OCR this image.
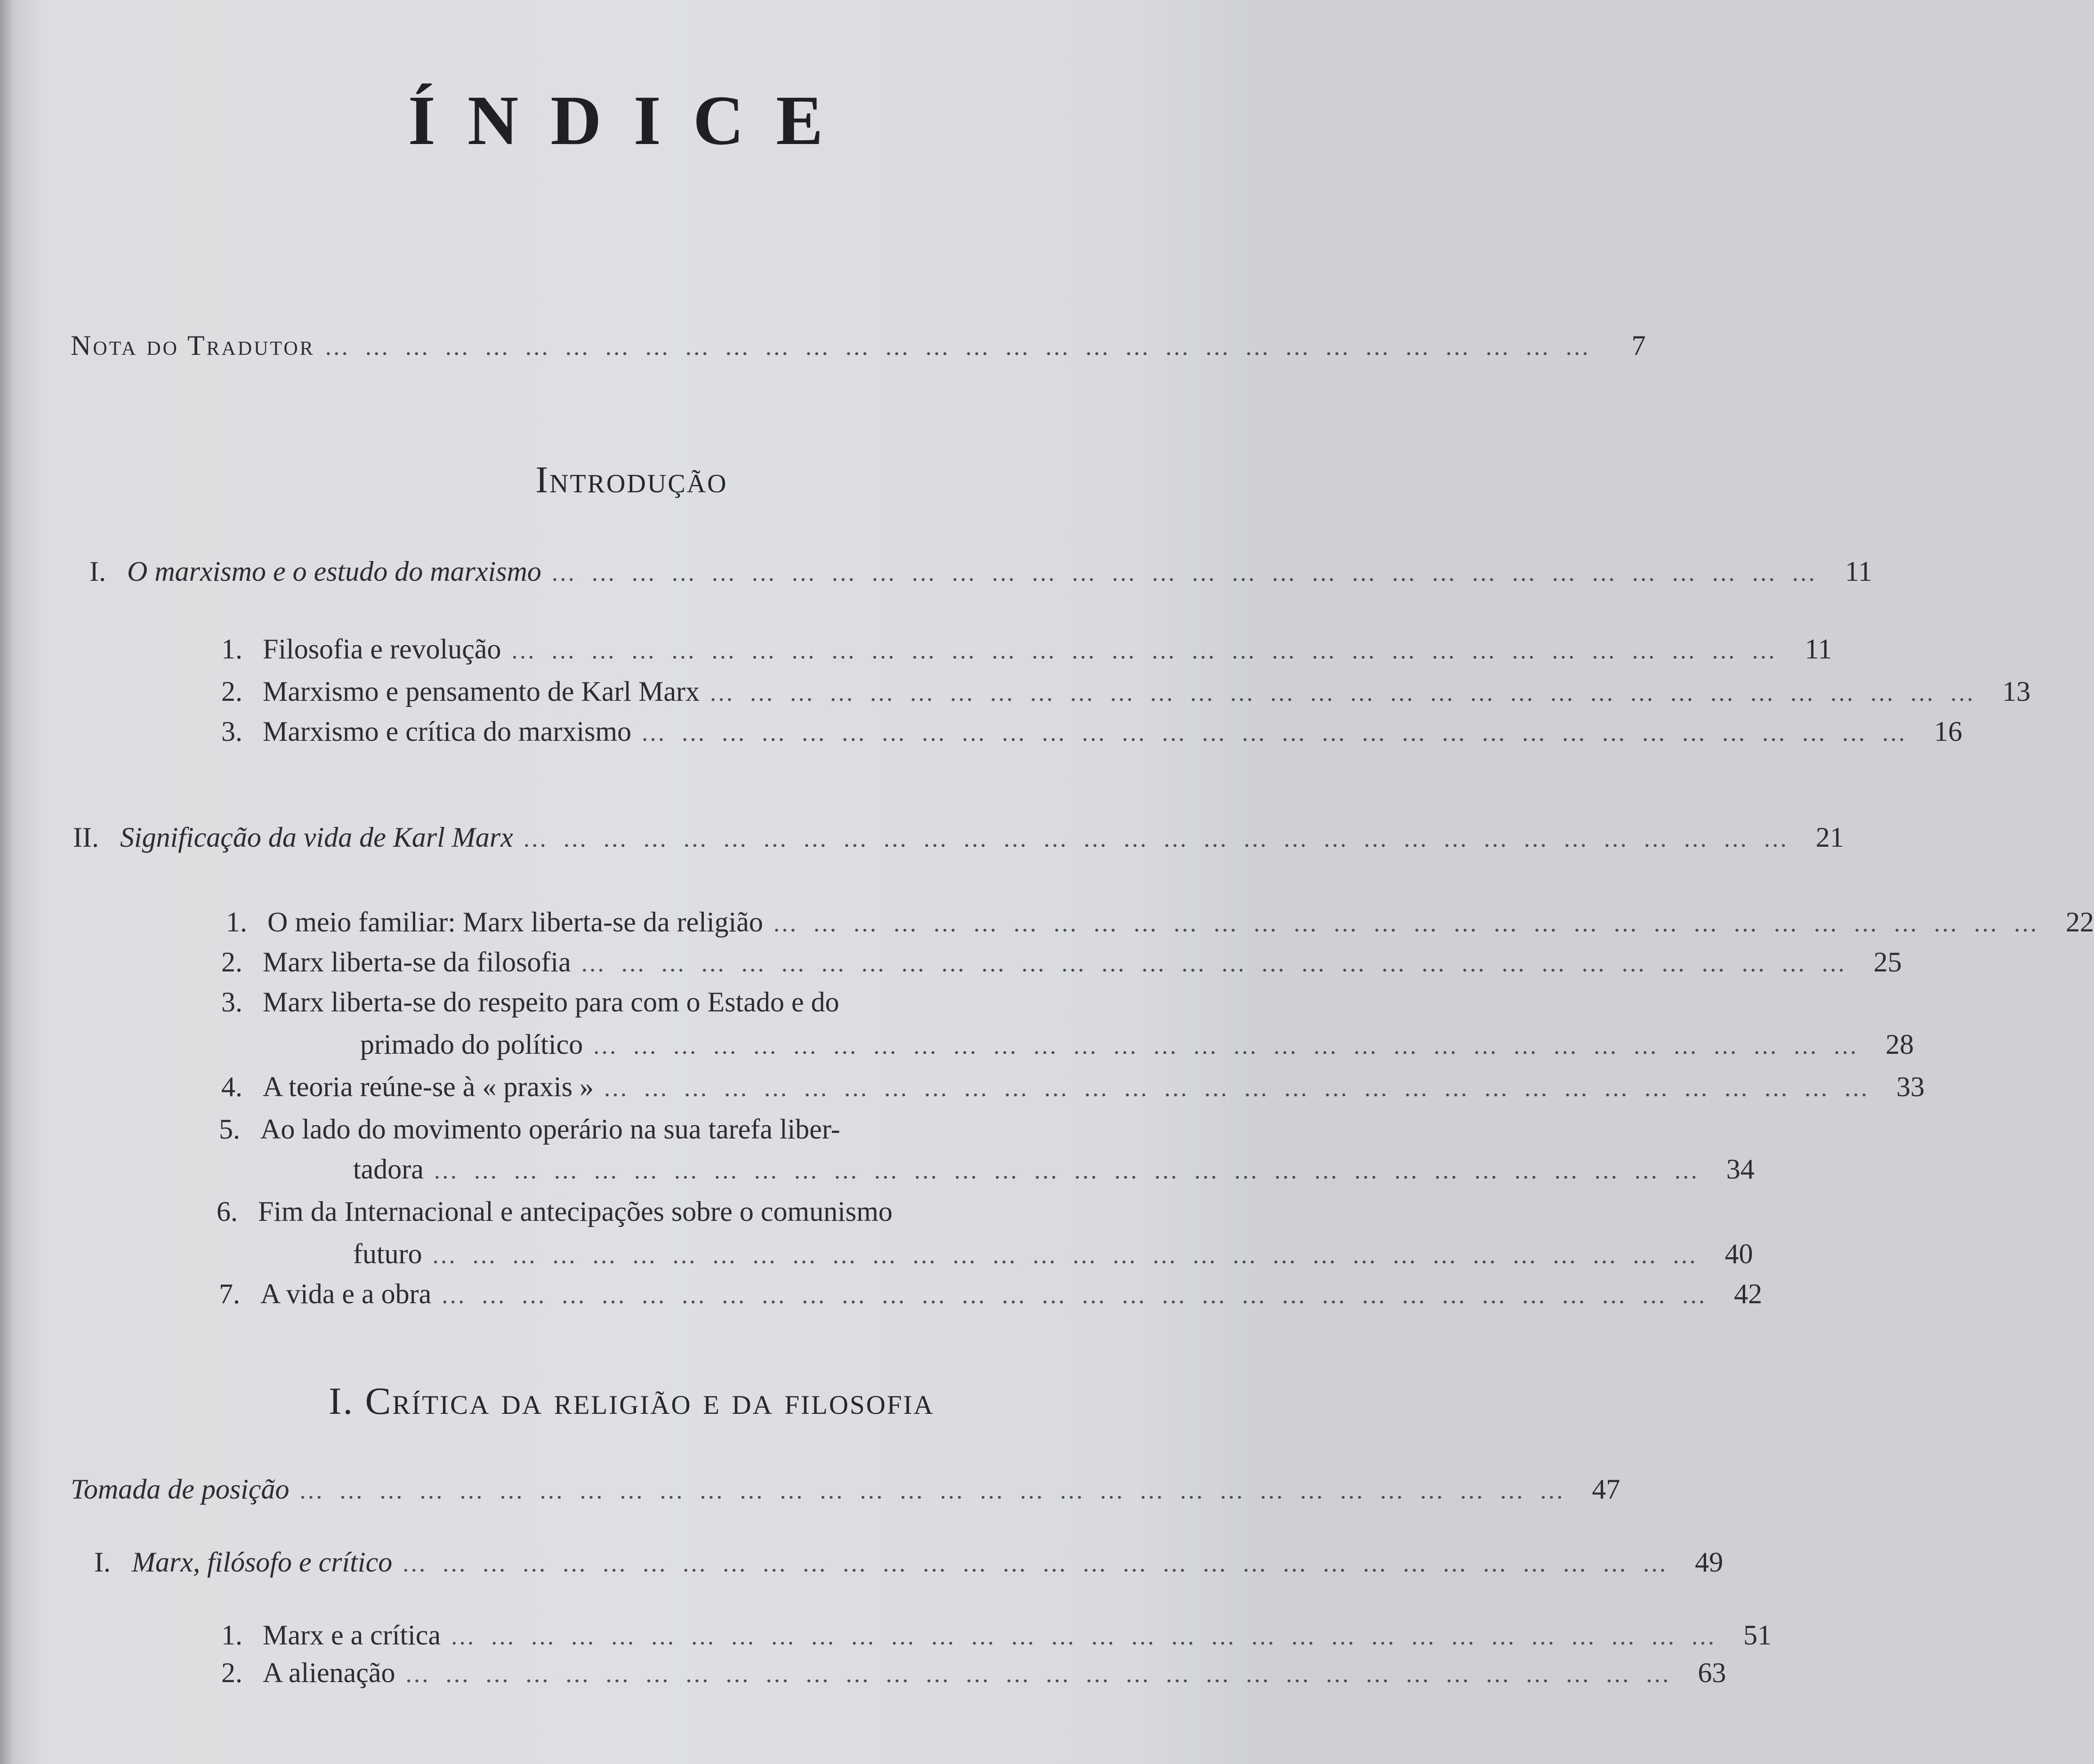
ÍNDICE
Nota do Tradutor … … … … … … … … … … … … … … … … … … … … … … … … … … … … … … … …	7
Introdução
I. O marxismo e o estudo do marxismo … … … … … … … … … … … … … … … … … … … … … … … … … … … … … … … … 11
1. Filosofia e revolução … … … … … … … … … … … … … … … … … … … … … … … … … … … … … … … … 11
2. Marxismo e pensamento de Karl Marx … … … … … … … … … … … … … … … … … … … … … … … … … … … … … … … … 13
3. Marxismo e crítica do marxismo … … … … … … … … … … … … … … … … … … … … … … … … … … … … … … … … 16
II. Significação da vida de Karl Marx … … … … … … … … … … … … … … … … … … … … … … … … … … … … … … … … 21
1. O meio familiar: Marx liberta-se da religião … … … … … … … … … … … … … … … … … … … … … … … … … … … … … … … … 22
2. Marx liberta-se da filosofia … … … … … … … … … … … … … … … … … … … … … … … … … … … … … … … … 25
3. Marx liberta-se do respeito para com o Estado e do
primado do político … … … … … … … … … … … … … … … … … … … … … … … … … … … … … … … … 28
4. A teoria reúne-se à « praxis » … … … … … … … … … … … … … … … … … … … … … … … … … … … … … … … … 33
5. Ao lado do movimento operário na sua tarefa liber-
tadora … … … … … … … … … … … … … … … … … … … … … … … … … … … … … … … … 34
6. Fim da Internacional e antecipações sobre o comunismo
futuro … … … … … … … … … … … … … … … … … … … … … … … … … … … … … … … … 40
7. A vida e a obra … … … … … … … … … … … … … … … … … … … … … … … … … … … … … … … … 42
I. Crítica da religião e da filosofia
Tomada de posição … … … … … … … … … … … … … … … … … … … … … … … … … … … … … … … … 47
I. Marx, filósofo e crítico … … … … … … … … … … … … … … … … … … … … … … … … … … … … … … … … 49
1. Marx e a crítica … … … … … … … … … … … … … … … … … … … … … … … … … … … … … … … … 51
2. A alienação … … … … … … … … … … … … … … … … … … … … … … … … … … … … … … … … 63
